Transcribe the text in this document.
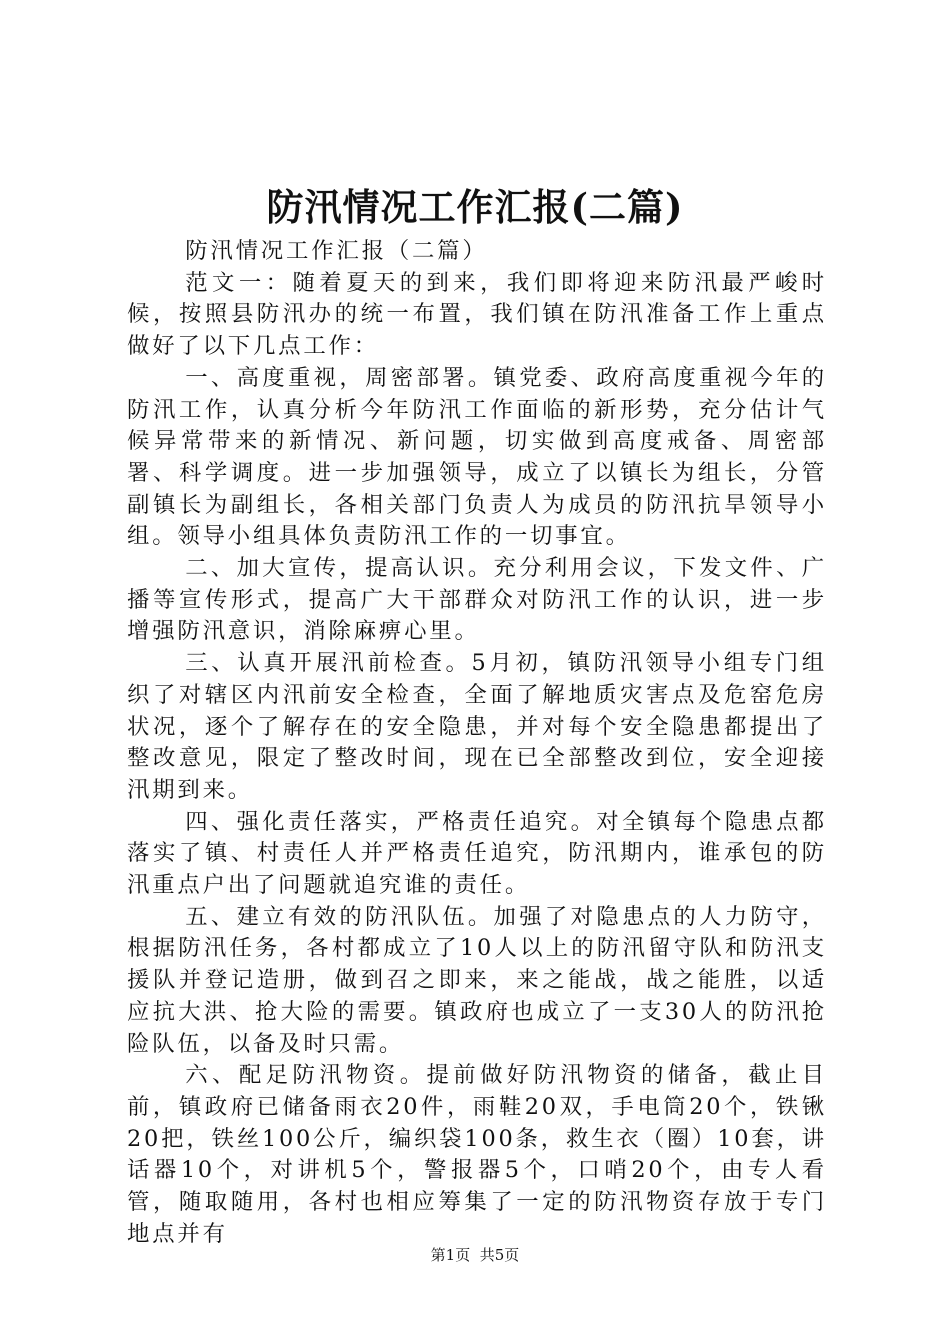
防汛情况工作汇报(二篇)

防汛情况工作汇报（二篇）

范文一：随着夏天的到来，我们即将迎来防汛最严峻时候，按照县防汛办的统一布置，我们镇在防汛准备工作上重点做好了以下几点工作：

一、高度重视，周密部署。镇党委、政府高度重视今年的防汛工作，认真分析今年防汛工作面临的新形势，充分估计气候异常带来的新情况、新问题，切实做到高度戒备、周密部署、科学调度。进一步加强领导，成立了以镇长为组长，分管副镇长为副组长，各相关部门负责人为成员的防汛抗旱领导小组。领导小组具体负责防汛工作的一切事宜。

二、加大宣传，提高认识。充分利用会议，下发文件、广播等宣传形式，提高广大干部群众对防汛工作的认识，进一步增强防汛意识，消除麻痹心里。

三、认真开展汛前检查。5月初，镇防汛领导小组专门组织了对辖区内汛前安全检查，全面了解地质灾害点及危窑危房状况，逐个了解存在的安全隐患，并对每个安全隐患都提出了整改意见，限定了整改时间，现在已全部整改到位，安全迎接汛期到来。

四、强化责任落实，严格责任追究。对全镇每个隐患点都落实了镇、村责任人并严格责任追究，防汛期内，谁承包的防汛重点户出了问题就追究谁的责任。

五、建立有效的防汛队伍。加强了对隐患点的人力防守，根据防汛任务，各村都成立了10人以上的防汛留守队和防汛支援队并登记造册，做到召之即来，来之能战，战之能胜，以适应抗大洪、抢大险的需要。镇政府也成立了一支30人的防汛抢险队伍，以备及时只需。

六、配足防汛物资。提前做好防汛物资的储备，截止目前，镇政府已储备雨衣20件，雨鞋20双，手电筒20个，铁锹20把，铁丝100公斤，编织袋100条，救生衣（圈）10套，讲话器10个，对讲机5个，警报器5个，口哨20个，由专人看管，随取随用，各村也相应筹集了一定的防汛物资存放于专门地点并有

第1页 共5页
